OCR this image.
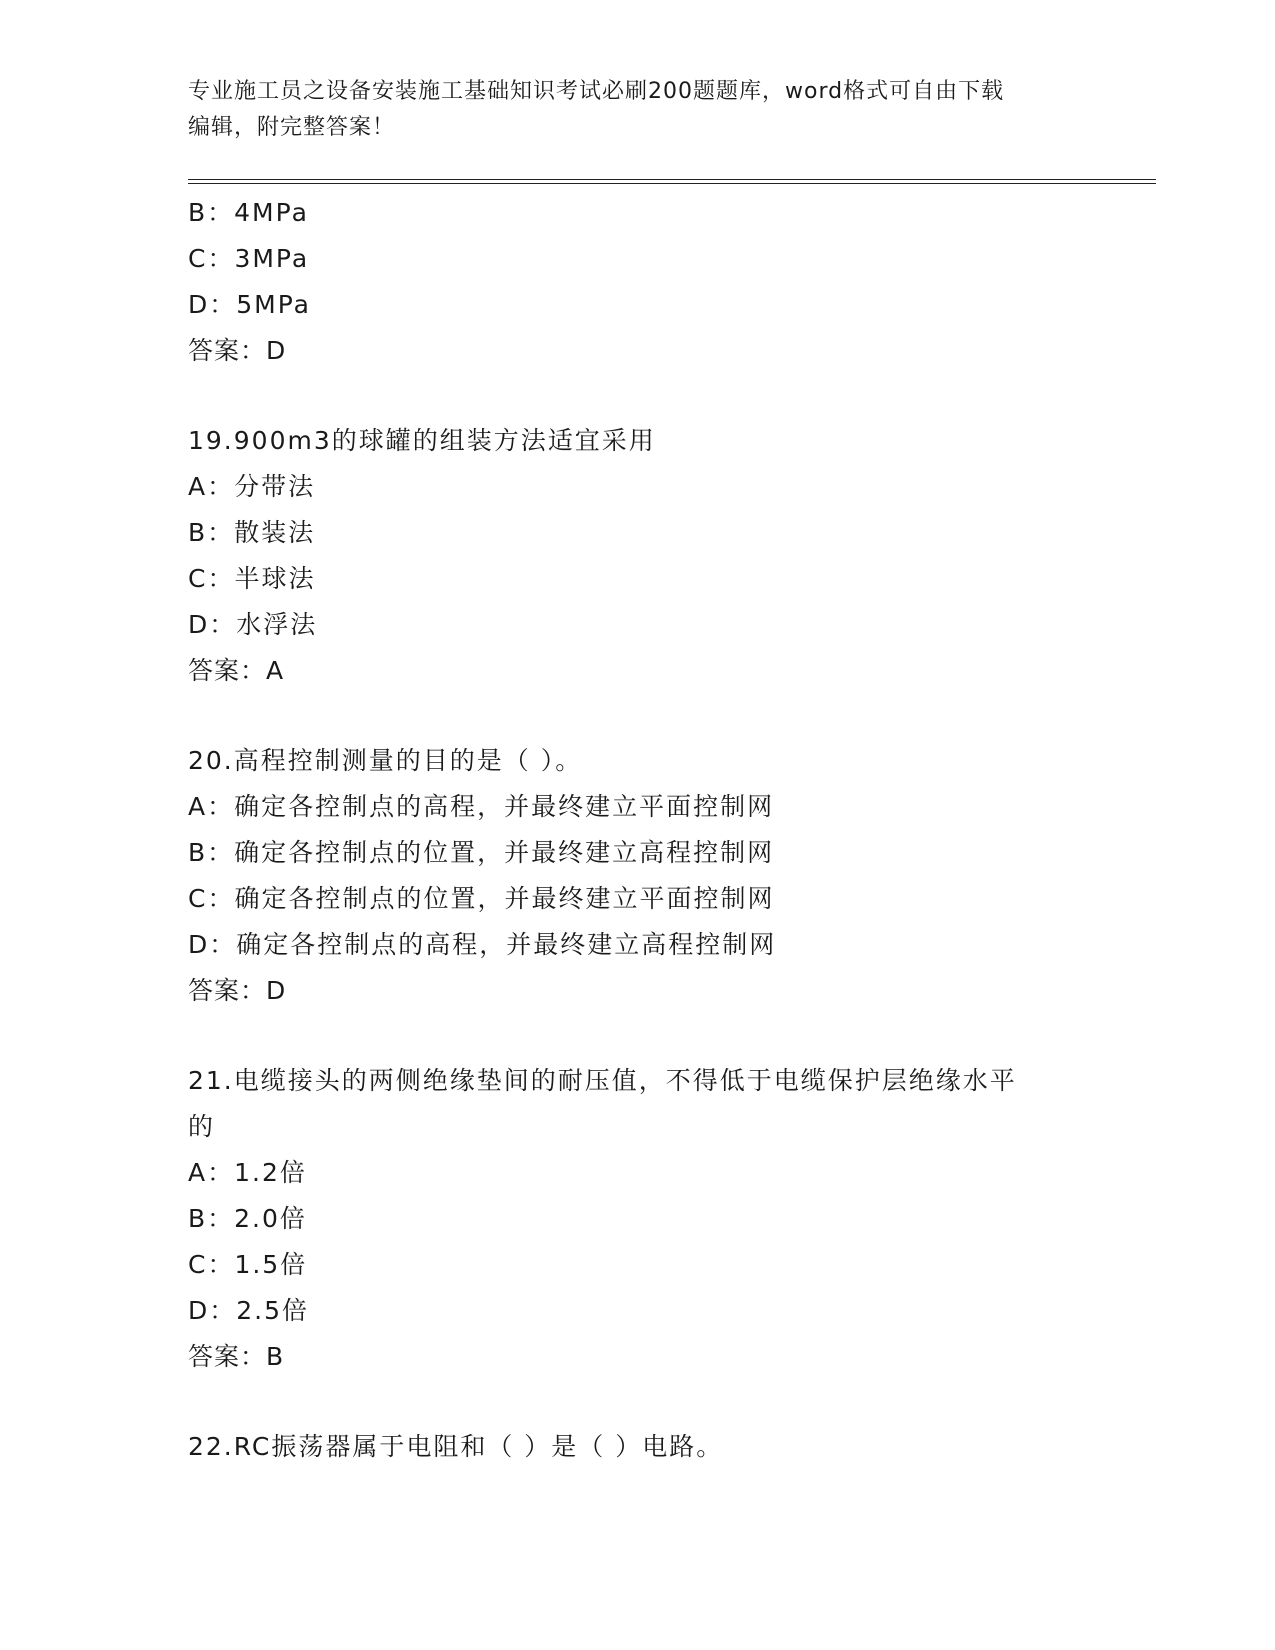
专业施工员之设备安装施工基础知识考试必刷200题题库，word格式可自由下载
编辑，附完整答案！
B：4MPa
C：3MPa
D：5MPa
答案：D
19.900m3的球罐的组装方法适宜采用
A：分带法
B：散装法
C：半球法
D：水浮法
答案：A
20.高程控制测量的目的是（ ）。
A：确定各控制点的高程，并最终建立平面控制网
B：确定各控制点的位置，并最终建立高程控制网
C：确定各控制点的位置，并最终建立平面控制网
D：确定各控制点的高程，并最终建立高程控制网
答案：D
21.电缆接头的两侧绝缘垫间的耐压值，不得低于电缆保护层绝缘水平
的
A：1.2倍
B：2.0倍
C：1.5倍
D：2.5倍
答案：B
22.RC振荡器属于电阻和（ ）是（ ）电路。
